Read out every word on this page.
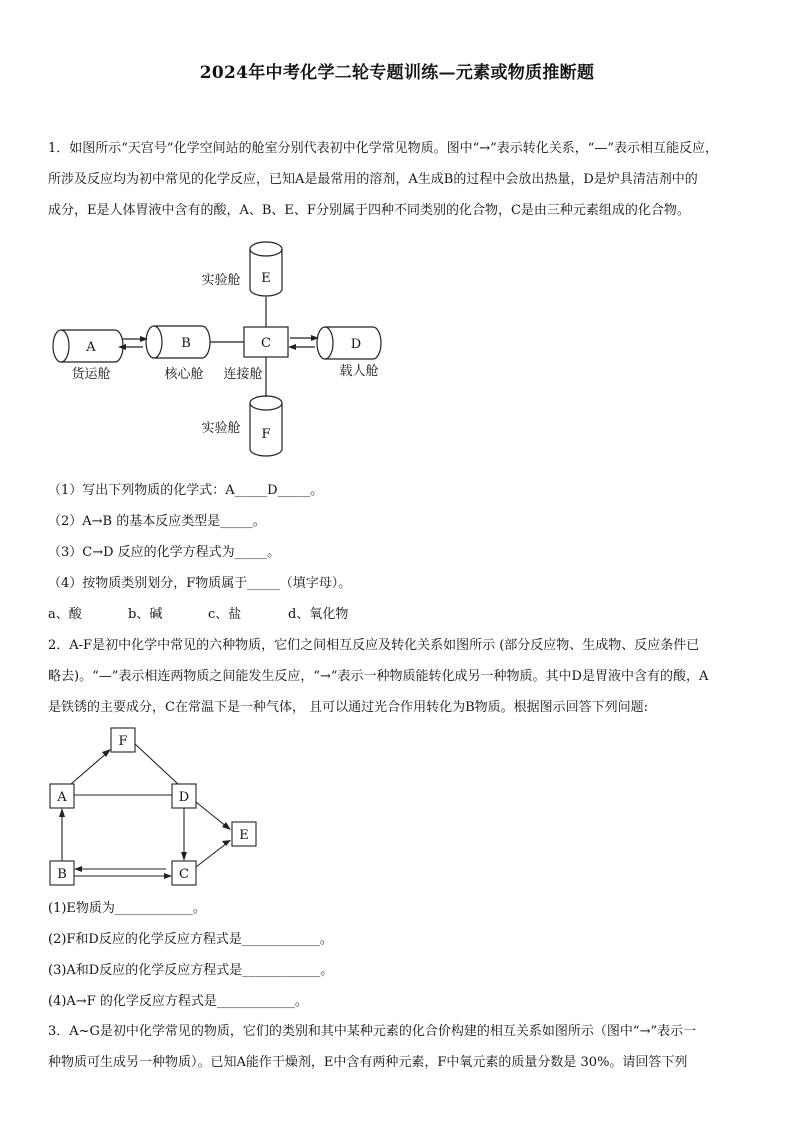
2024年中考化学二轮专题训练—元素或物质推断题
1．如图所示“天宫号”化学空间站的舱室分别代表初中化学常见物质。图中“→”表示转化关系，“—”表示相互能反应，
所涉及反应均为初中常见的化学反应，已知A是最常用的溶剂，A生成B的过程中会放出热量，D是炉具清洁剂中的
成分，E是人体胃液中含有的酸，A、B、E、F分别属于四种不同类别的化合物，C是由三种元素组成的化合物。
E
F
A	B	C	D
货运舱	核心舱 连接舱	载人舱
实验舱
实验舱
（1）写出下列物质的化学式：A_____D_____。
（2）A→B 的基本反应类型是_____。
（3）C→D 反应的化学方程式为_____。
（4）按物质类别划分，F物质属于_____（填字母）。
a、酸	b、碱	c、盐	d、氧化物
2．A-F是初中化学中常见的六种物质，它们之间相互反应及转化关系如图所示 (部分反应物、生成物、反应条件已
略去)。“—”表示相连两物质之间能发生反应，“→”表示一种物质能转化成另一种物质。其中D是胃液中含有的酸，A
是铁锈的主要成分，C在常温下是一种气体， 且可以通过光合作用转化为B物质。根据图示回答下列问题:
F
A	D
E
B	C
(1)E物质为____________。
(2)F和D反应的化学反应方程式是____________。
(3)A和D反应的化学反应方程式是____________。
(4)A→F 的化学反应方程式是____________。
3．A~G是初中化学常见的物质，它们的类别和其中某种元素的化合价构建的相互关系如图所示（图中“→”表示一
种物质可生成另一种物质）。已知A能作干燥剂，E中含有两种元素，F中氧元素的质量分数是 30%。请回答下列
